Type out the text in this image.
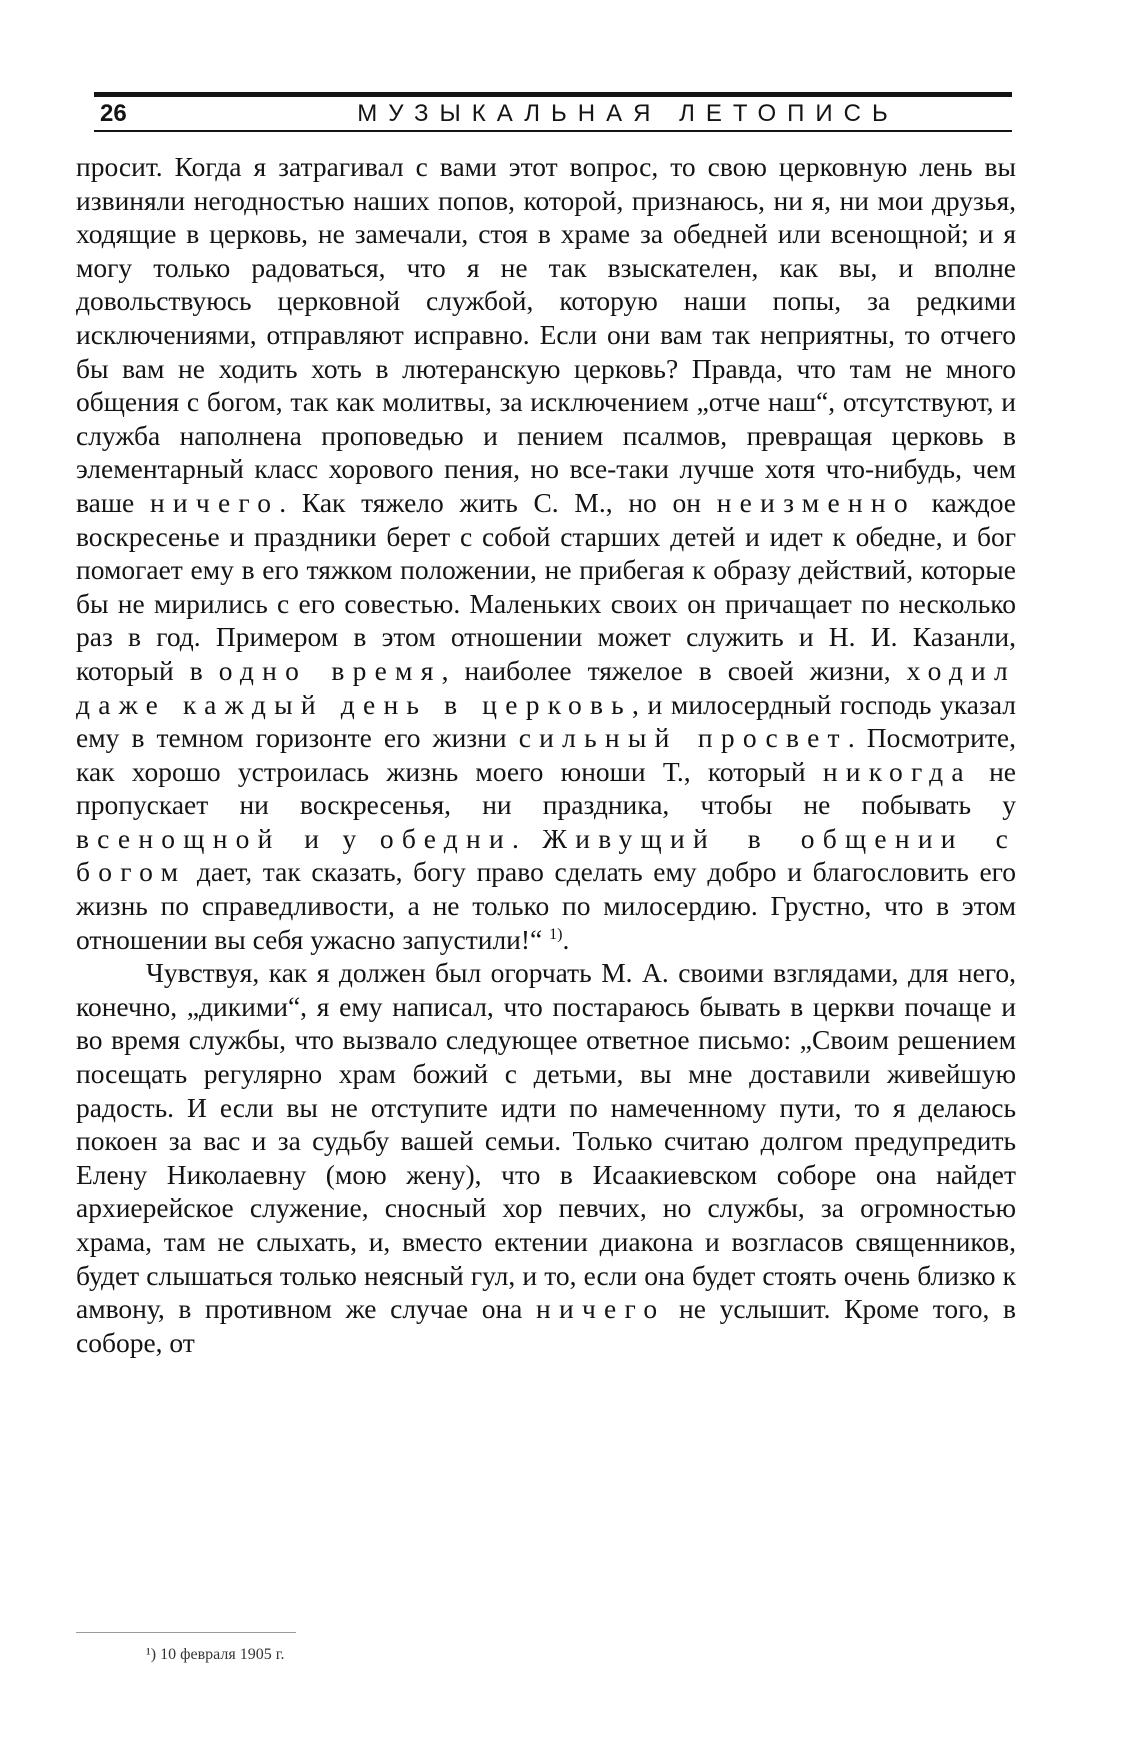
26	МУЗЫКАЛЬНАЯ ЛЕТОПИСЬ

просит. Когда я затрагивал с вами этот вопрос, то свою церковную лень вы извиняли негодностью наших попов, которой, признаюсь, ни я, ни мои друзья, ходящие в церковь, не замечали, стоя в храме за обедней или всенощной; и я могу только радоваться, что я не так взыскателен, как вы, и вполне довольствуюсь церковной службой, которую наши попы, за редкими исключениями, отправляют исправно. Если они вам так неприятны, то отчего бы вам не ходить хоть в лютеранскую церковь? Правда, что там не много общения с богом, так как молитвы, за исключением „отче наш“, отсутствуют, и служба наполнена проповедью и пением псалмов, превращая церковь в элементарный класс хорового пения, но все-таки лучше хотя что-нибудь, чем ваше ничего. Как тяжело жить С. М., но он неизменно каждое воскресенье и праздники берет с собой старших детей и идет к обедне, и бог помогает ему в его тяжком положении, не прибегая к образу действий, которые бы не мирились с его совестью. Маленьких своих он причащает по несколько раз в год. Примером в этом отношении может служить и Н. И. Казанли, который в одно время, наиболее тяжелое в своей жизни, ходил даже каждый день в церковь, и милосердный господь указал ему в темном горизонте его жизни сильный просвет. Посмотрите, как хорошо устроилась жизнь моего юноши Т., который никогда не пропускает ни воскресенья, ни праздника, чтобы не побывать у всенощной и у обедни. Живущий в общении с богом дает, так сказать, богу право сделать ему добро и благословить его жизнь по справедливости, а не только по милосердию. Грустно, что в этом отношении вы себя ужасно запустили!“ $^{1)}$.

Чувствуя, как я должен был огорчать М. А. своими взглядами, для него, конечно, „дикими“, я ему написал, что постараюсь бывать в церкви почаще и во время службы, что вызвало следующее ответное письмо: „Своим решением посещать регулярно храм божий с детьми, вы мне доставили живейшую радость. И если вы не отступите идти по намеченному пути, то я делаюсь покоен за вас и за судьбу вашей семьи. Только считаю долгом предупредить Елену Николаевну (мою жену), что в Исаакиевском соборе она найдет архиерейское служение, сносный хор певчих, но службы, за огромностью храма, там не слыхать, и, вместо ектении диакона и возгласов священников, будет слышаться только неясный гул, и то, если она будет стоять очень близко к амвону, в противном же случае она ничего не услышит. Кроме того, в соборе, от

¹) 10 февраля 1905 г.
